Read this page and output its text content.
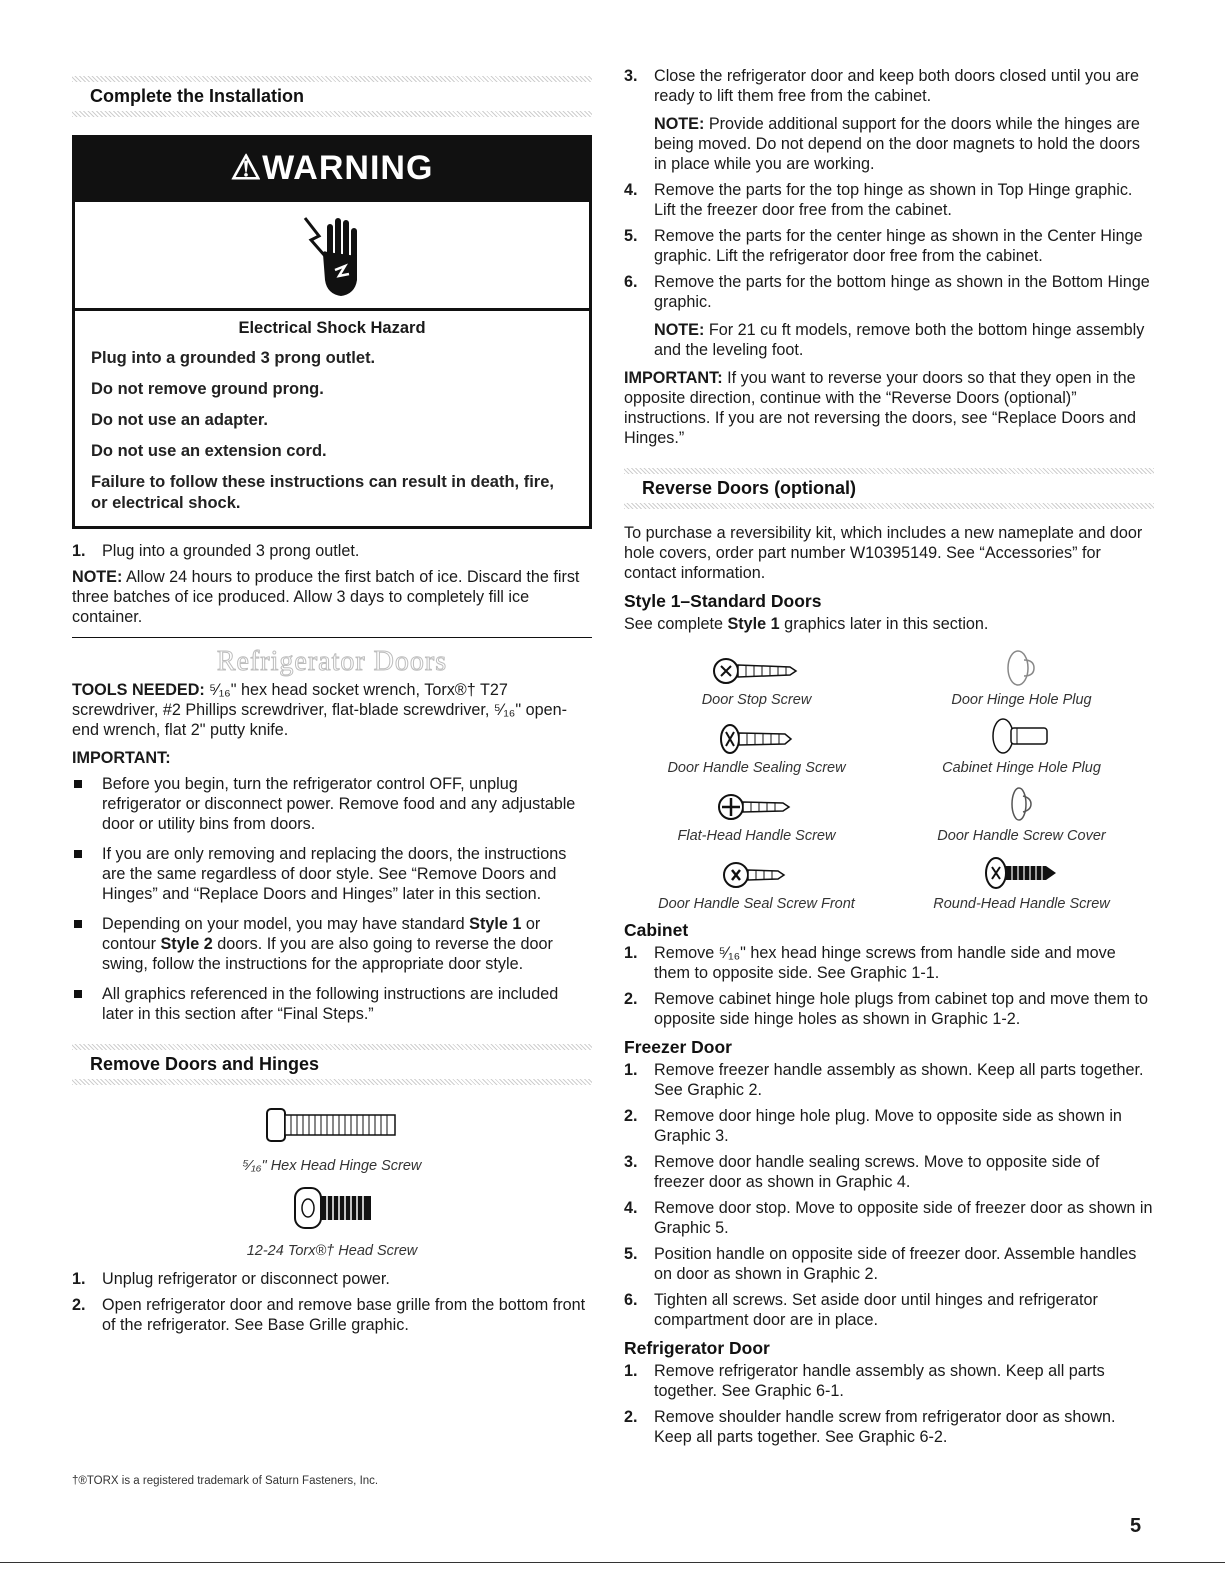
Complete the Installation
⚠WARNING
Electrical Shock Hazard
Plug into a grounded 3 prong outlet.
Do not remove ground prong.
Do not use an adapter.
Do not use an extension cord.
Failure to follow these instructions can result in death, fire, or electrical shock.
1. Plug into a grounded 3 prong outlet.

NOTE: Allow 24 hours to produce the first batch of ice. Discard the first three batches of ice produced. Allow 3 days to completely fill ice container.

Refrigerator Doors

TOOLS NEEDED: ⁵⁄₁₆" hex head socket wrench, Torx®† T27 screwdriver, #2 Phillips screwdriver, flat-blade screwdriver, ⁵⁄₁₆" open-end wrench, flat 2" putty knife.

IMPORTANT:

Before you begin, turn the refrigerator control OFF, unplug refrigerator or disconnect power. Remove food and any adjustable door or utility bins from doors.
If you are only removing and replacing the doors, the instructions are the same regardless of door style. See “Remove Doors and Hinges” and “Replace Doors and Hinges” later in this section.
Depending on your model, you may have standard Style 1 or contour Style 2 doors. If you are also going to reverse the door swing, follow the instructions for the appropriate door style.
All graphics referenced in the following instructions are included later in this section after “Final Steps.”
Remove Doors and Hinges
⁵⁄₁₆" Hex Head Hinge Screw
12-24 Torx®† Head Screw
1. Unplug refrigerator or disconnect power.
2. Open refrigerator door and remove base grille from the bottom front of the refrigerator. See Base Grille graphic.
3. Close the refrigerator door and keep both doors closed until you are ready to lift them free from the cabinet.

NOTE: Provide additional support for the doors while the hinges are being moved. Do not depend on the door magnets to hold the doors in place while you are working.

4. Remove the parts for the top hinge as shown in Top Hinge graphic. Lift the freezer door free from the cabinet.
5. Remove the parts for the center hinge as shown in the Center Hinge graphic. Lift the refrigerator door free from the cabinet.
6. Remove the parts for the bottom hinge as shown in the Bottom Hinge graphic.

NOTE: For 21 cu ft models, remove both the bottom hinge assembly and the leveling foot.

IMPORTANT: If you want to reverse your doors so that they open in the opposite direction, continue with the “Reverse Doors (optional)” instructions. If you are not reversing the doors, see “Replace Doors and Hinges.”

Reverse Doors (optional)

To purchase a reversibility kit, which includes a new nameplate and door hole covers, order part number W10395149. See “Accessories” for contact information.

Style 1–Standard Doors

See complete Style 1 graphics later in this section.

Door Stop Screw	Door Hinge Hole Plug
Door Handle Sealing Screw	Cabinet Hinge Hole Plug
Flat-Head Handle Screw	Door Handle Screw Cover
Door Handle Seal Screw Front	Round-Head Handle Screw
Cabinet
1. Remove ⁵⁄₁₆" hex head hinge screws from handle side and move them to opposite side. See Graphic 1-1.
2. Remove cabinet hinge hole plugs from cabinet top and move them to opposite side hinge holes as shown in Graphic 1-2.
Freezer Door
1. Remove freezer handle assembly as shown. Keep all parts together. See Graphic 2.
2. Remove door hinge hole plug. Move to opposite side as shown in Graphic 3.
3. Remove door handle sealing screws. Move to opposite side of freezer door as shown in Graphic 4.
4. Remove door stop. Move to opposite side of freezer door as shown in Graphic 5.
5. Position handle on opposite side of freezer door. Assemble handles on door as shown in Graphic 2.
6. Tighten all screws. Set aside door until hinges and refrigerator compartment door are in place.
Refrigerator Door
1. Remove refrigerator handle assembly as shown. Keep all parts together. See Graphic 6-1.
2. Remove shoulder handle screw from refrigerator door as shown. Keep all parts together. See Graphic 6-2.
†®TORX is a registered trademark of Saturn Fasteners, Inc.
5
